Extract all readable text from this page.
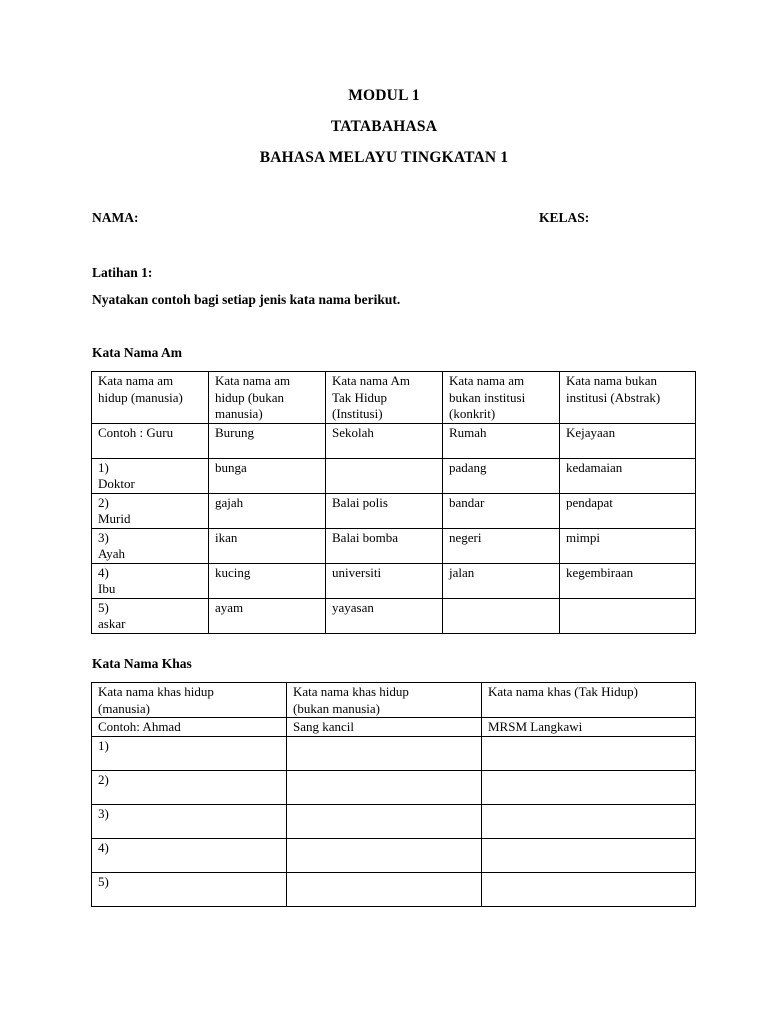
MODUL 1
TATABAHASA
BAHASA MELAYU TINGKATAN 1
NAMA:	KELAS:
Latihan 1:
Nyatakan contoh bagi setiap jenis kata nama berikut.
Kata Nama Am
Kata nama am
hidup (manusia)	Kata nama am
hidup (bukan
manusia)	Kata nama Am
Tak Hidup
(Institusi)	Kata nama am
bukan institusi
(konkrit)	Kata nama bukan
institusi (Abstrak)
Contoh : Guru	Burung	Sekolah	Rumah	Kejayaan
1)
Doktor	bunga		padang	kedamaian
2)
Murid	gajah	Balai polis	bandar	pendapat
3)
Ayah	ikan	Balai bomba	negeri	mimpi
4)
Ibu	kucing	universiti	jalan	kegembiraan
5)
askar	ayam	yayasan		
Kata Nama Khas
Kata nama khas hidup
(manusia)	Kata nama khas hidup
(bukan manusia)	Kata nama khas (Tak Hidup)
Contoh: Ahmad	Sang kancil	MRSM Langkawi
1)		
2)		
3)		
4)		
5)		
